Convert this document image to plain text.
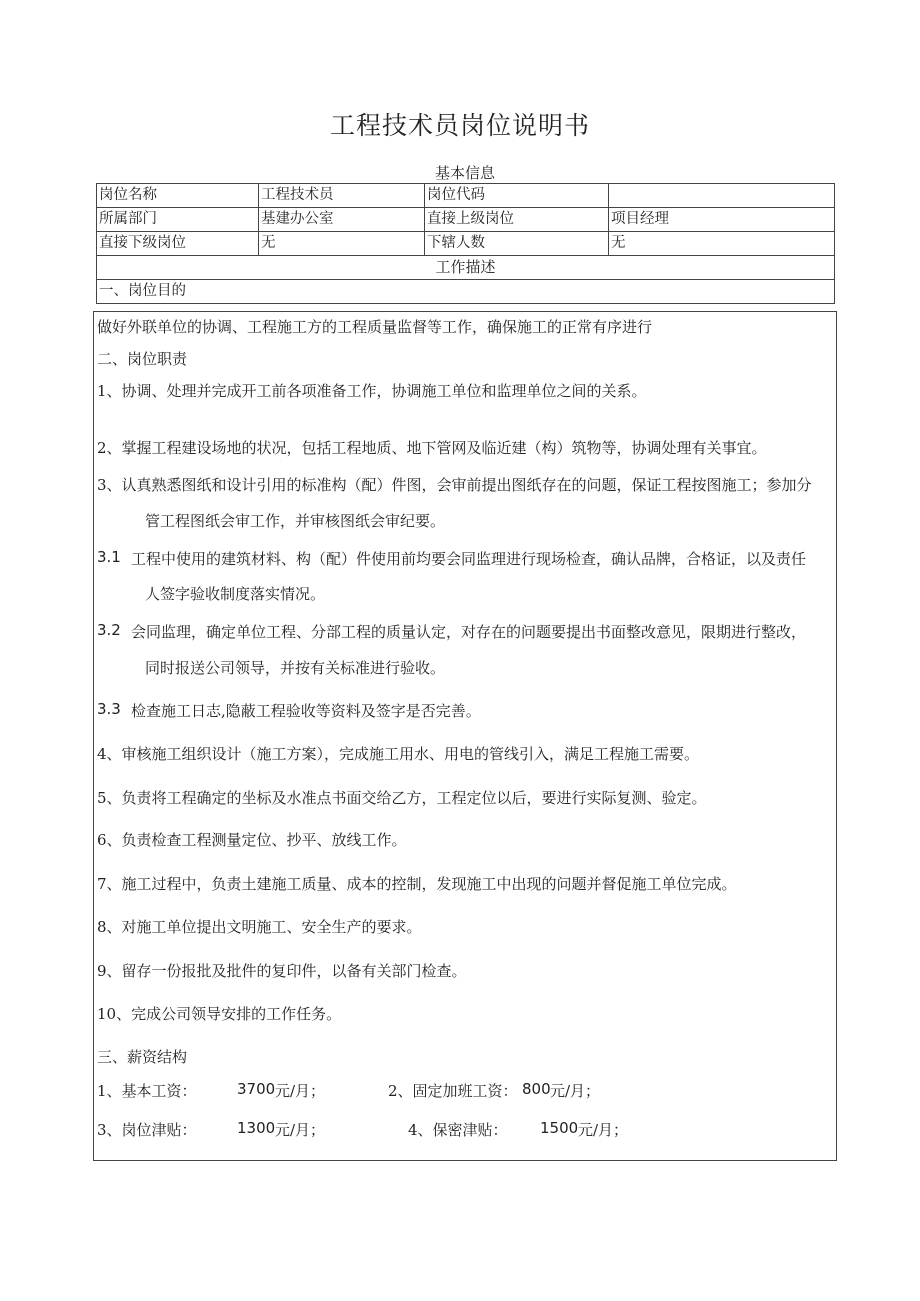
工程技术员岗位说明书
基本信息
岗位名称	工程技术员	岗位代码	
所属部门	基建办公室	直接上级岗位	项目经理
直接下级岗位	无	下辖人数	无
工作描述			
一、岗位目的			
做好外联单位的协调、工程施工方的工程质量监督等工作，确保施工的正常有序进行
二、岗位职责
1、协调、处理并完成开工前各项准备工作，协调施工单位和监理单位之间的关系。
2、掌握工程建设场地的状况，包括工程地质、地下管网及临近建（构）筑物等，协调处理有关事宜。
3、认真熟悉图纸和设计引用的标准构（配）件图，会审前提出图纸存在的问题，保证工程按图施工；参加分
管工程图纸会审工作，并审核图纸会审纪要。
3.1 工程中使用的建筑材料、构（配）件使用前均要会同监理进行现场检查，确认品牌，合格证，以及责任
人签字验收制度落实情况。
3.2 会同监理，确定单位工程、分部工程的质量认定，对存在的问题要提出书面整改意见，限期进行整改，
同时报送公司领导，并按有关标准进行验收。
3.3 检查施工日志,隐蔽工程验收等资料及签字是否完善。
4、审核施工组织设计（施工方案），完成施工用水、用电的管线引入，满足工程施工需要。
5、负责将工程确定的坐标及水准点书面交给乙方，工程定位以后，要进行实际复测、验定。
6、负责检查工程测量定位、抄平、放线工作。
7、施工过程中，负责土建施工质量、成本的控制，发现施工中出现的问题并督促施工单位完成。
8、对施工单位提出文明施工、安全生产的要求。
9、留存一份报批及批件的复印件，以备有关部门检查。
10、完成公司领导安排的工作任务。
三、薪资结构
1、基本工资：	3700 元/月；	2、固定加班工资： 800 元/月；
3、岗位津贴：	1300 元/月；	4、保密津贴： 1500 元/月；
